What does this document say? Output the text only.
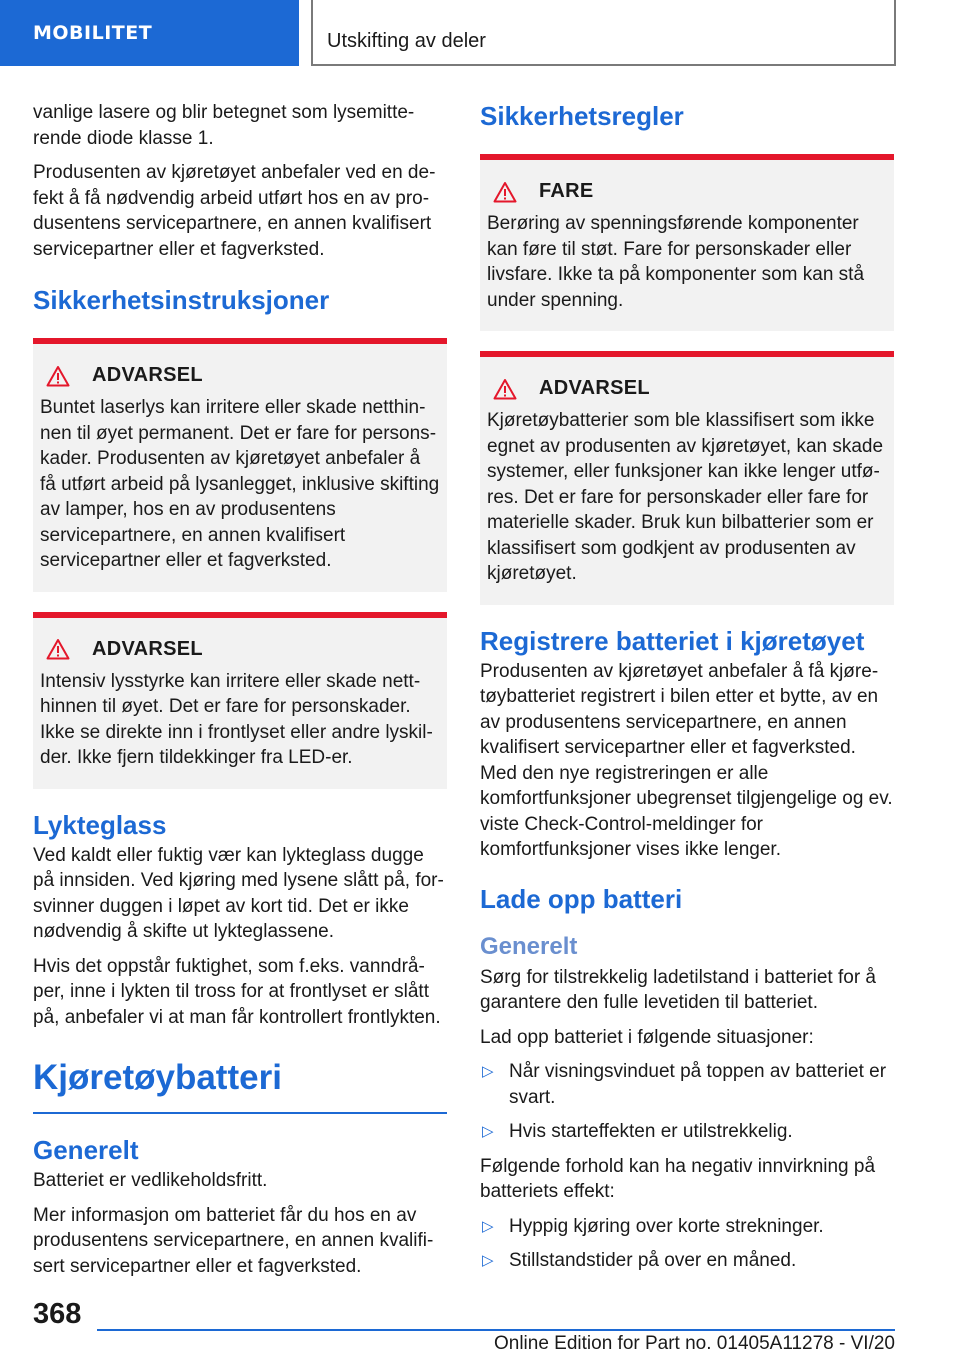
MOBILITET	Utskifting av deler

vanlige lasere og blir betegnet som lysemitterende diode klasse 1.

Produsenten av kjøretøyet anbefaler ved en defekt å få nødvendig arbeid utført hos en av produsentens servicepartnere, en annen kvalifisert servicepartner eller et fagverksted.

Sikkerhetsinstruksjoner
ADVARSEL

Buntet laserlys kan irritere eller skade netthinnen til øyet permanent. Det er fare for personskader. Produsenten av kjøretøyet anbefaler å få utført arbeid på lysanlegget, inklusive skifting av lamper, hos en av produsentens servicepartnere, en annen kvalifisert servicepartner eller et fagverksted.

ADVARSEL

Intensiv lysstyrke kan irritere eller skade netthinnen til øyet. Det er fare for personskader. Ikke se direkte inn i frontlyset eller andre lyskilder. Ikke fjern tildekkinger fra LED-er.

Lykteglass

Ved kaldt eller fuktig vær kan lykteglass dugge på innsiden. Ved kjøring med lysene slått på, forsvinner duggen i løpet av kort tid. Det er ikke nødvendig å skifte ut lykteglassene.

Hvis det oppstår fuktighet, som f.eks. vanndråper, inne i lykten til tross for at frontlyset er slått på, anbefaler vi at man får kontrollert frontlykten.

Kjøretøybatteri
Generelt

Batteriet er vedlikeholdsfritt.

Mer informasjon om batteriet får du hos en av produsentens servicepartnere, en annen kvalifisert servicepartner eller et fagverksted.

Sikkerhetsregler
FARE

Berøring av spenningsførende komponenter kan føre til støt. Fare for personskader eller livsfare. Ikke ta på komponenter som kan stå under spenning.

ADVARSEL

Kjøretøybatterier som ble klassifisert som ikke egnet av produsenten av kjøretøyet, kan skade systemer, eller funksjoner kan ikke lenger utføres. Det er fare for personskader eller fare for materielle skader. Bruk kun bilbatterier som er klassifisert som godkjent av produsenten av kjøretøyet.

Registrere batteriet i kjøretøyet

Produsenten av kjøretøyet anbefaler å få kjøretøybatteriet registrert i bilen etter et bytte, av en av produsentens servicepartnere, en annen kvalifisert servicepartner eller et fagverksted. Med den nye registreringen er alle komfortfunksjoner ubegrenset tilgjengelige og ev. viste Check-Control-meldinger for komfortfunksjoner vises ikke lenger.

Lade opp batteri
Generelt

Sørg for tilstrekkelig ladetilstand i batteriet for å garantere den fulle levetiden til batteriet.

Lad opp batteriet i følgende situasjoner:

▷ Når visningsvinduet på toppen av batteriet er svart.
▷ Hvis starteffekten er utilstrekkelig.

Følgende forhold kan ha negativ innvirkning på batteriets effekt:

▷ Hyppig kjøring over korte strekninger.
▷ Stillstandstider på over en måned.
368
Online Edition for Part no. 01405A11278 - VI/20
